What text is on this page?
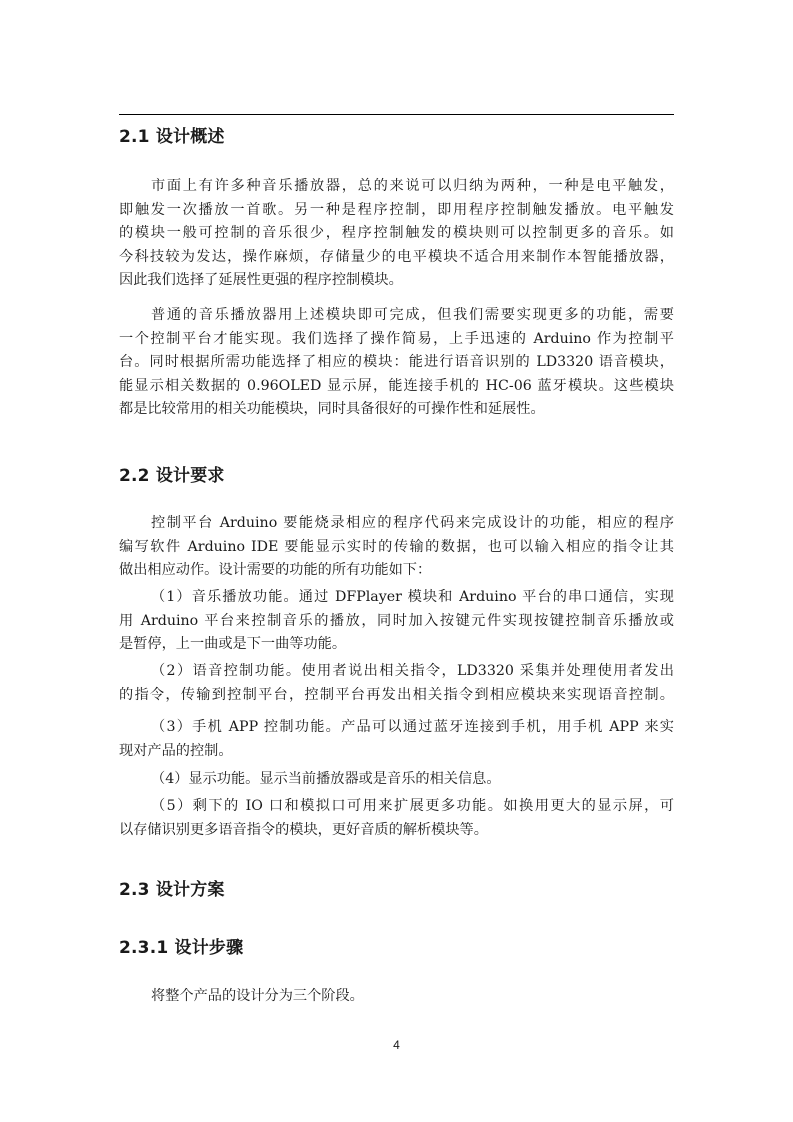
2.1 设计概述
市面上有许多种音乐播放器，总的来说可以归纳为两种，一种是电平触发，
即触发一次播放一首歌。另一种是程序控制，即用程序控制触发播放。电平触发
的模块一般可控制的音乐很少，程序控制触发的模块则可以控制更多的音乐。如
今科技较为发达，操作麻烦，存储量少的电平模块不适合用来制作本智能播放器，
因此我们选择了延展性更强的程序控制模块。
普通的音乐播放器用上述模块即可完成，但我们需要实现更多的功能，需要
一个控制平台才能实现。我们选择了操作简易，上手迅速的 Arduino 作为控制平
台。同时根据所需功能选择了相应的模块：能进行语音识别的 LD3320 语音模块，
能显示相关数据的 0.96OLED 显示屏，能连接手机的 HC-06 蓝牙模块。这些模块
都是比较常用的相关功能模块，同时具备很好的可操作性和延展性。
2.2 设计要求
控制平台 Arduino 要能烧录相应的程序代码来完成设计的功能，相应的程序
编写软件 Arduino IDE 要能显示实时的传输的数据，也可以输入相应的指令让其
做出相应动作。设计需要的功能的所有功能如下：
（1）音乐播放功能。通过 DFPlayer 模块和 Arduino 平台的串口通信，实现
用 Arduino 平台来控制音乐的播放，同时加入按键元件实现按键控制音乐播放或
是暂停，上一曲或是下一曲等功能。
（2）语音控制功能。使用者说出相关指令，LD3320 采集并处理使用者发出
的指令，传输到控制平台，控制平台再发出相关指令到相应模块来实现语音控制。
（3）手机 APP 控制功能。产品可以通过蓝牙连接到手机，用手机 APP 来实
现对产品的控制。
（4）显示功能。显示当前播放器或是音乐的相关信息。
（5）剩下的 IO 口和模拟口可用来扩展更多功能。如换用更大的显示屏，可
以存储识别更多语音指令的模块，更好音质的解析模块等。
2.3 设计方案
2.3.1 设计步骤
将整个产品的设计分为三个阶段。
4
